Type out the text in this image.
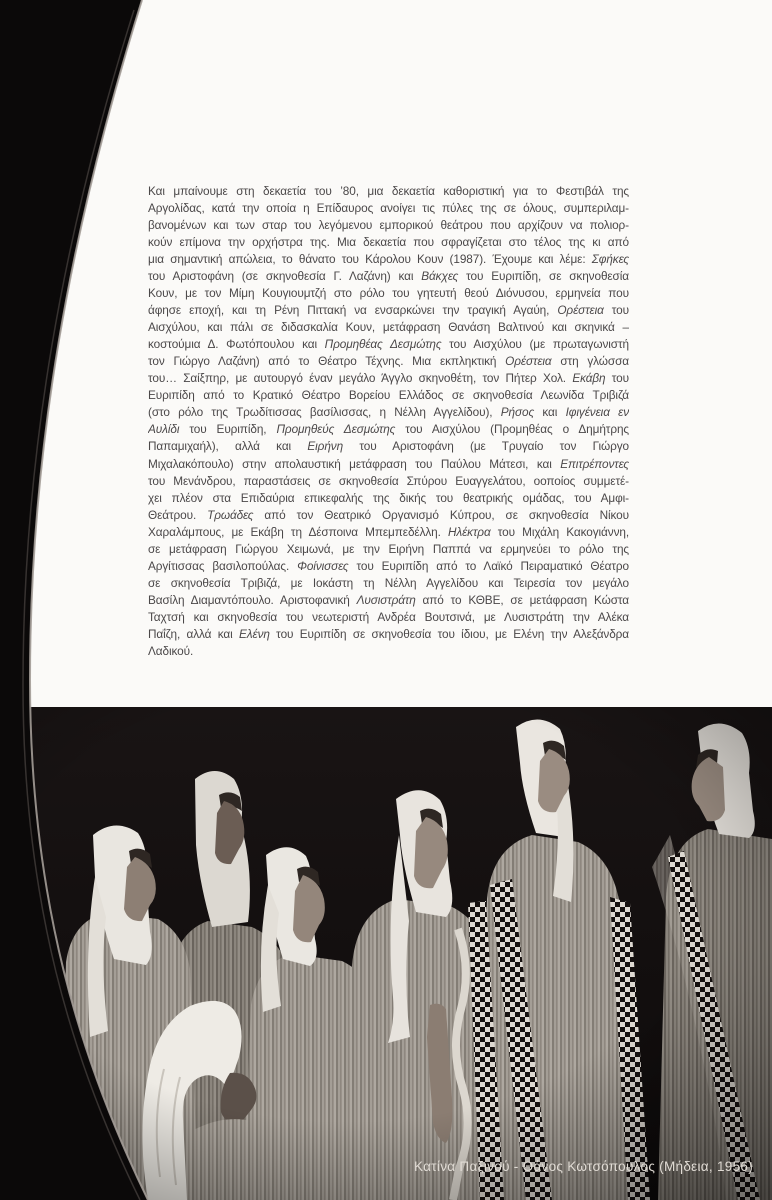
Και μπαίνουμε στη δεκαετία του ’80, μια δεκαετία καθοριστική για το Φεστιβάλ της
Αργολίδας, κατά την οποία η Επίδαυρος ανοίγει τις πύλες της σε όλους, συμπεριλαμ-
βανομένων και των σταρ του λεγόμενου εμπορικού θεάτρου που αρχίζουν να πολιορ-
κούν επίμονα την ορχήστρα της. Μια δεκαετία που σφραγίζεται στο τέλος της κι από
μια σημαντική απώλεια, το θάνατο του Κάρολου Κουν (1987). Έχουμε και λέμε: Σφήκες
του Αριστοφάνη (σε σκηνοθεσία Γ. Λαζάνη) και Βάκχες του Ευριπίδη, σε σκηνοθεσία
Κουν, με τον Μίμη Κουγιουμτζή στο ρόλο του γητευτή θεού Διόνυσου, ερμηνεία που
άφησε εποχή, και τη Ρένη Πιττακή να ενσαρκώνει την τραγική Αγαύη, Ορέστεια του
Αισχύλου, και πάλι σε διδασκαλία Κουν, μετάφραση Θανάση Βαλτινού και σκηνικά –
κοστούμια Δ. Φωτόπουλου και Προμηθέας Δεσμώτης του Αισχύλου (με πρωταγωνιστή
τον Γιώργο Λαζάνη) από το Θέατρο Τέχνης. Μια εκπληκτική Ορέστεια στη γλώσσα
του… Σαίξπηρ, με αυτουργό έναν μεγάλο Άγγλο σκηνοθέτη, τον Πήτερ Χολ. Εκάβη του
Ευριπίδη από το Κρατικό Θέατρο Βορείου Ελλάδος σε σκηνοθεσία Λεωνίδα Τριβιζά
(στο ρόλο της Τρωδίτισσας βασίλισσας, η Νέλλη Αγγελίδου), Ρήσος και Ιφιγένεια εν
Αυλίδι του Ευριπίδη, Προμηθεύς Δεσμώτης του Αισχύλου (Προμηθέας ο Δημήτρης
Παπαμιχαήλ), αλλά και Ειρήνη του Αριστοφάνη (με Τρυγαίο τον Γιώργο
Μιχαλακόπουλο) στην απολαυστική μετάφραση του Παύλου Μάτεσι, και Επιτρέποντες
του Μενάνδρου, παραστάσεις σε σκηνοθεσία Σπύρου Ευαγγελάτου, οοποίος συμμετέ-
χει πλέον στα Επιδαύρια επικεφαλής της δικής του θεατρικής ομάδας, του Αμφι-
Θεάτρου. Τρωάδες από τον Θεατρικό Οργανισμό Κύπρου, σε σκηνοθεσία Νίκου
Χαραλάμπους, με Εκάβη τη Δέσποινα Μπεμπεδέλλη. Ηλέκτρα του Μιχάλη Κακογιάννη,
σε μετάφραση Γιώργου Χειμωνά, με την Ειρήνη Παππά να ερμηνεύει το ρόλο της
Αργίτισσας βασιλοπούλας. Φοίνισσες του Ευριπίδη από το Λαϊκό Πειραματικό Θέατρο
σε σκηνοθεσία Τριβιζά, με Ιοκάστη τη Νέλλη Αγγελίδου και Τειρεσία τον μεγάλο
Βασίλη Διαμαντόπουλο. Αριστοφανική Λυσιστράτη από το ΚΘΒΕ, σε μετάφραση Κώστα
Ταχτσή και σκηνοθεσία του νεωτεριστή Ανδρέα Βουτσινά, με Λυσιστράτη την Αλέκα
Παΐζη, αλλά και Ελένη του Ευριπίδη σε σκηνοθεσία του ίδιου, με Ελένη την Αλεξάνδρα
Λαδικού.
Κατίνα Παξινού - Θάνος Κωτσόπουλος (Μήδεια, 1956)
